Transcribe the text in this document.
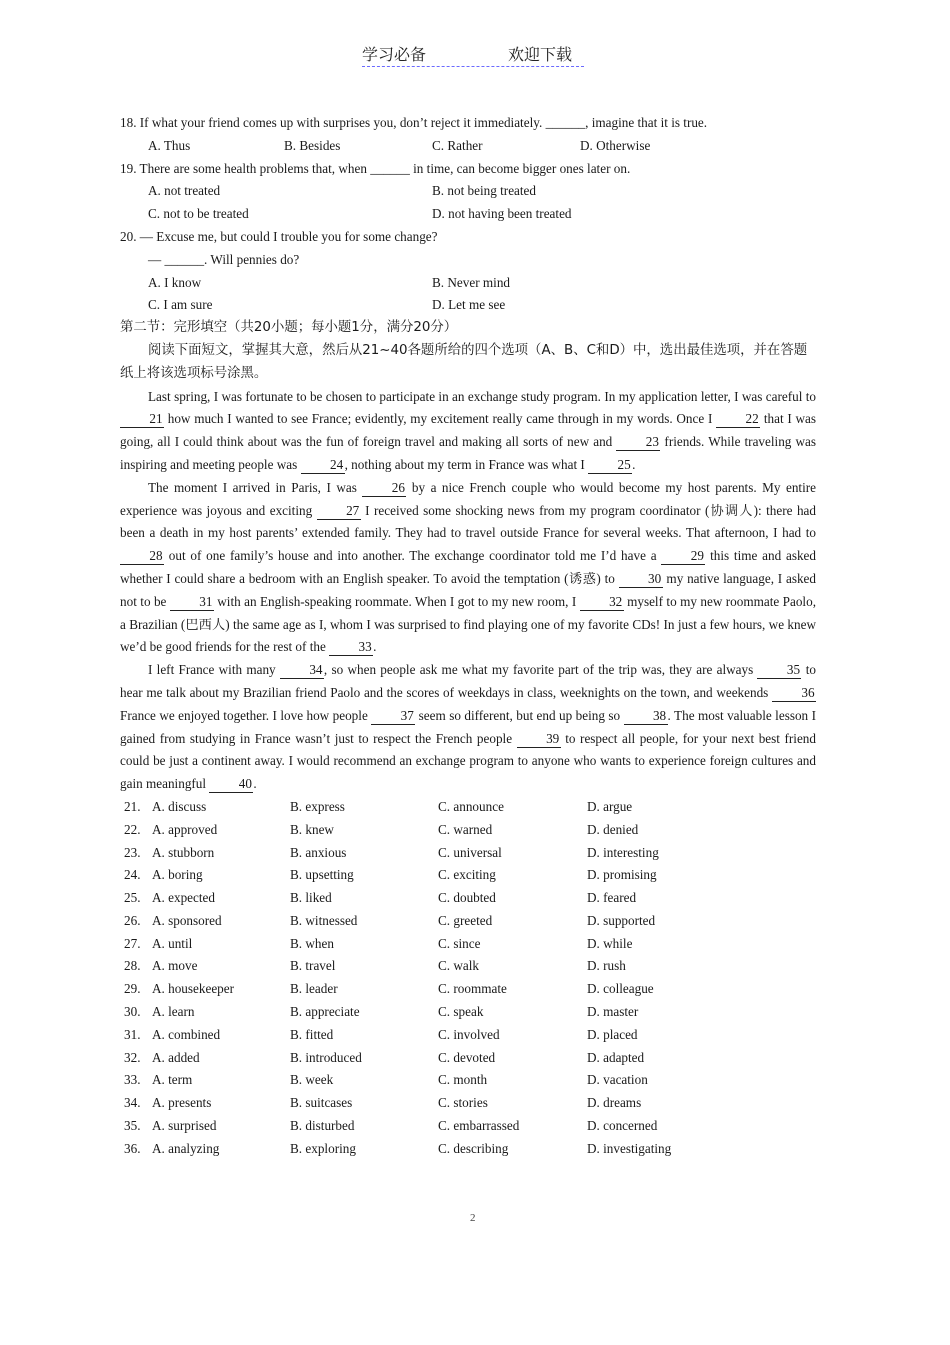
学习必备	欢迎下载
18. If what your friend comes up with surprises you, don’t reject it immediately. ______, imagine that it is true.
A. Thus	B. Besides	C. Rather	D. Otherwise
19. There are some health problems that, when ______ in time, can become bigger ones later on.
A. not treated	B. not being treated
C. not to be treated	D. not having been treated
20. — Excuse me, but could I trouble you for some change?
— ______. Will pennies do?
A. I know	B. Never mind
C. I am sure	D. Let me see
第二节：完形填空（共20小题；每小题1分，满分20分）
阅读下面短文，掌握其大意，然后从21~40各题所给的四个选项（A、B、C和D）中，选出最佳选项，并在答题纸上将该选项标号涂黑。
Last spring, I was fortunate to be chosen to participate in an exchange study program. In my application letter, I was careful to 21 how much I wanted to see France; evidently, my excitement really came through in my words. Once I 22 that I was going, all I could think about was the fun of foreign travel and making all sorts of new and 23 friends. While traveling was inspiring and meeting people was 24, nothing about my term in France was what I 25.
The moment I arrived in Paris, I was 26 by a nice French couple who would become my host parents. My entire experience was joyous and exciting 27 I received some shocking news from my program coordinator (协调人): there had been a death in my host parents’ extended family. They had to travel outside France for several weeks. That afternoon, I had to 28 out of one family’s house and into another. The exchange coordinator told me I’d have a 29 this time and asked whether I could share a bedroom with an English speaker. To avoid the temptation (诱惑) to 30 my native language, I asked not to be 31 with an English-speaking roommate. When I got to my new room, I 32 myself to my new roommate Paolo, a Brazilian (巴西人) the same age as I, whom I was surprised to find playing one of my favorite CDs! In just a few hours, we knew we’d be good friends for the rest of the 33.
I left France with many 34, so when people ask me what my favorite part of the trip was, they are always 35 to hear me talk about my Brazilian friend Paolo and the scores of weekdays in class, weeknights on the town, and weekends 36 France we enjoyed together. I love how people 37 seem so different, but end up being so 38. The most valuable lesson I gained from studying in France wasn’t just to respect the French people 39 to respect all people, for your next best friend could be just a continent away. I would recommend an exchange program to anyone who wants to experience foreign cultures and gain meaningful 40.
21. A. discuss	B. express	C. announce	D. argue
22. A. approved	B. knew	C. warned	D. denied
23. A. stubborn	B. anxious	C. universal	D. interesting
24. A. boring	B. upsetting	C. exciting	D. promising
25. A. expected	B. liked	C. doubted	D. feared
26. A. sponsored	B. witnessed	C. greeted	D. supported
27. A. until	B. when	C. since	D. while
28. A. move	B. travel	C. walk	D. rush
29. A. housekeeper	B. leader	C. roommate	D. colleague
30. A. learn	B. appreciate	C. speak	D. master
31. A. combined	B. fitted	C. involved	D. placed
32. A. added	B. introduced	C. devoted	D. adapted
33. A. term	B. week	C. month	D. vacation
34. A. presents	B. suitcases	C. stories	D. dreams
35. A. surprised	B. disturbed	C. embarrassed	D. concerned
36. A. analyzing	B. exploring	C. describing	D. investigating
2
